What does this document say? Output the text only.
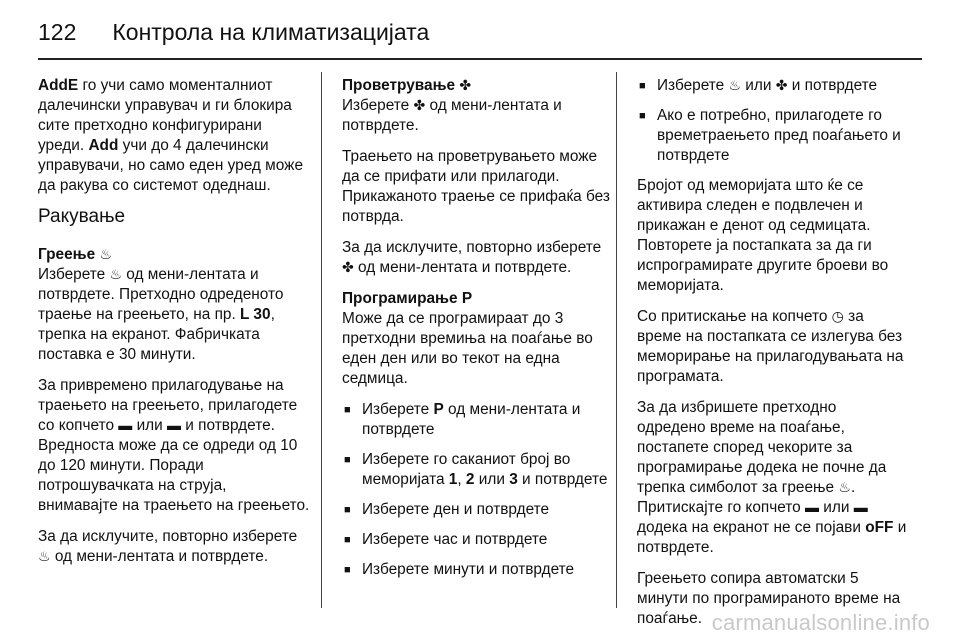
122 Контрола на климатизацијата

AddE го учи само моменталниот далечински управувач и ги блокира сите претходно конфигурирани уреди. Add учи до 4 далечински управувачи, но само еден уред може да ракува со системот одеднаш.

Ракување

Греење ♨

Изберете ♨ од мени-лентата и потврдете. Претходно одреденото траење на греењето, на пр. L 30, трепка на екранот. Фабричката поставка е 30 минути.

За привремено прилагодување на траењето на греењето, прилагодете со копчето ▬ или ▬ и потврдете. Вредноста може да се одреди од 10 до 120 минути. Поради потрошувачката на струја, внимавајте на траењето на греењето.

За да исклучите, повторно изберете ♨ од мени-лентата и потврдете.

Проветрување ✤

Изберете ✤ од мени-лентата и потврдете.

Траењето на проветрувањето може да се прифати или прилагоди. Прикажаното траење се прифаќа без потврда.

За да исклучите, повторно изберете ✤ од мени-лентата и потврдете.

Програмирање P

Може да се програмираат до 3 претходни времиња на поаѓање во еден ден или во текот на една седмица.

■ Изберете P од мени-лентата и потврдете
■ Изберете го саканиот број во меморијата 1, 2 или 3 и потврдете
■ Изберете ден и потврдете
■ Изберете час и потврдете
■ Изберете минути и потврдете
■ Изберете ♨ или ✤ и потврдете
■ Ако е потребно, прилагодете го времетраењето пред поаѓањето и потврдете

Бројот од меморијата што ќе се активира следен е подвлечен и прикажан е денот од седмицата. Повторете ја постапката за да ги испрограмирате другите броеви во меморијата.

Со притискање на копчето ◷ за време на постапката се излегува без меморирање на прилагодувањата на програмата.

За да избришете претходно одредено време на поаѓање, постапете според чекорите за програмирање додека не почне да трепка симболот за греење ♨. Притискајте го копчето ▬ или ▬ додека на екранот не се појави oFF и потврдете.

Греењето сопира автоматски 5 минути по програмираното време на поаѓање. carmanualsonline.info
